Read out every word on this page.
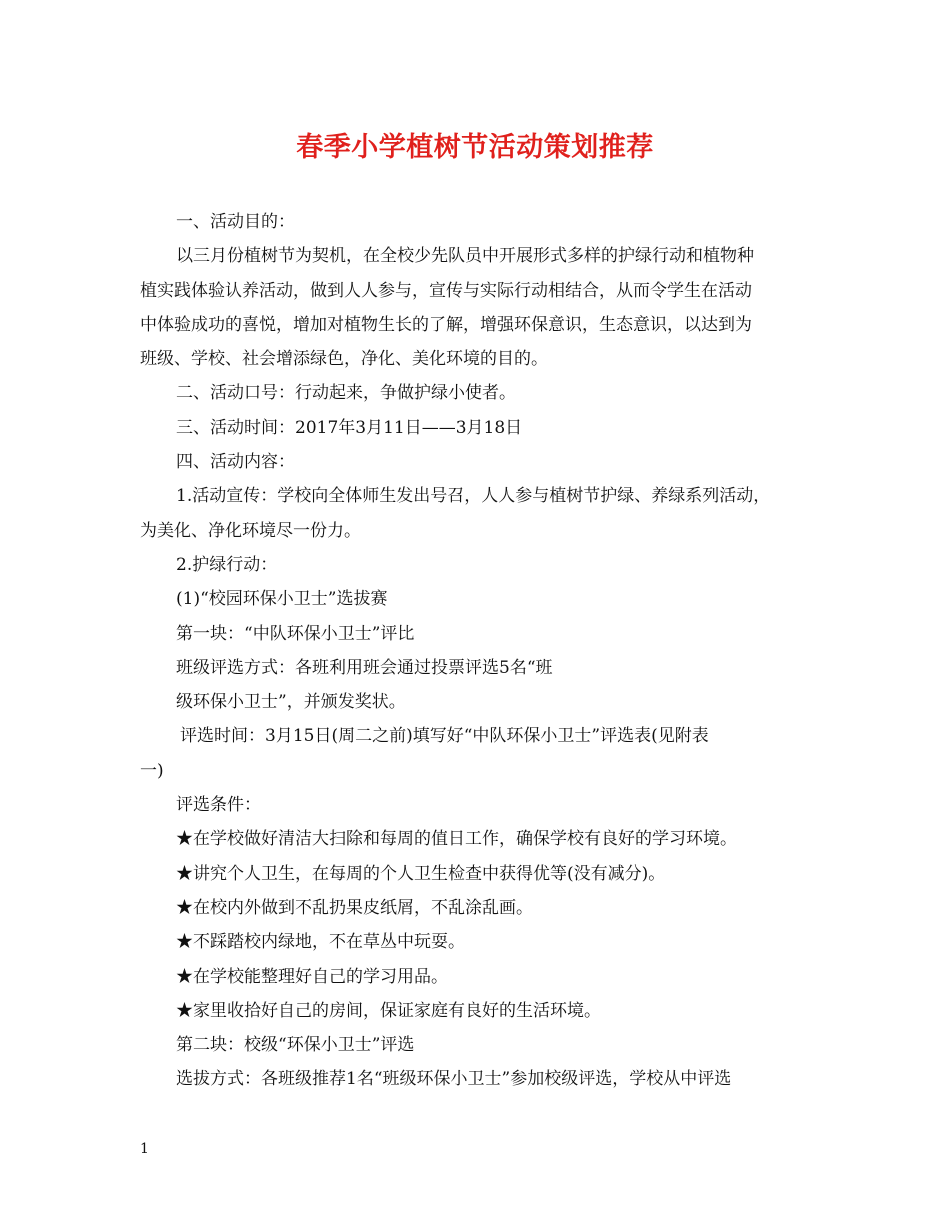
春季小学植树节活动策划推荐

一、活动目的：

以三月份植树节为契机，在全校少先队员中开展形式多样的护绿行动和植物种

植实践体验认养活动，做到人人参与，宣传与实际行动相结合，从而令学生在活动

中体验成功的喜悦，增加对植物生长的了解，增强环保意识，生态意识，以达到为

班级、学校、社会增添绿色，净化、美化环境的目的。

二、活动口号：行动起来，争做护绿小使者。

三、活动时间：2017年3月11日——3月18日

四、活动内容：

1.活动宣传：学校向全体师生发出号召，人人参与植树节护绿、养绿系列活动，

为美化、净化环境尽一份力。

2.护绿行动：

(1)“校园环保小卫士”选拔赛

第一块：“中队环保小卫士”评比

班级评选方式：各班利用班会通过投票评选5名“班

级环保小卫士”，并颁发奖状。

评选时间：3月15日(周二之前)填写好“中队环保小卫士”评选表(见附表

一)

评选条件：

★在学校做好清洁大扫除和每周的值日工作，确保学校有良好的学习环境。

★讲究个人卫生，在每周的个人卫生检查中获得优等(没有减分)。

★在校内外做到不乱扔果皮纸屑，不乱涂乱画。

★不踩踏校内绿地，不在草丛中玩耍。

★在学校能整理好自己的学习用品。

★家里收拾好自己的房间，保证家庭有良好的生活环境。

第二块：校级“环保小卫士”评选

选拔方式：各班级推荐1名“班级环保小卫士”参加校级评选，学校从中评选

1
